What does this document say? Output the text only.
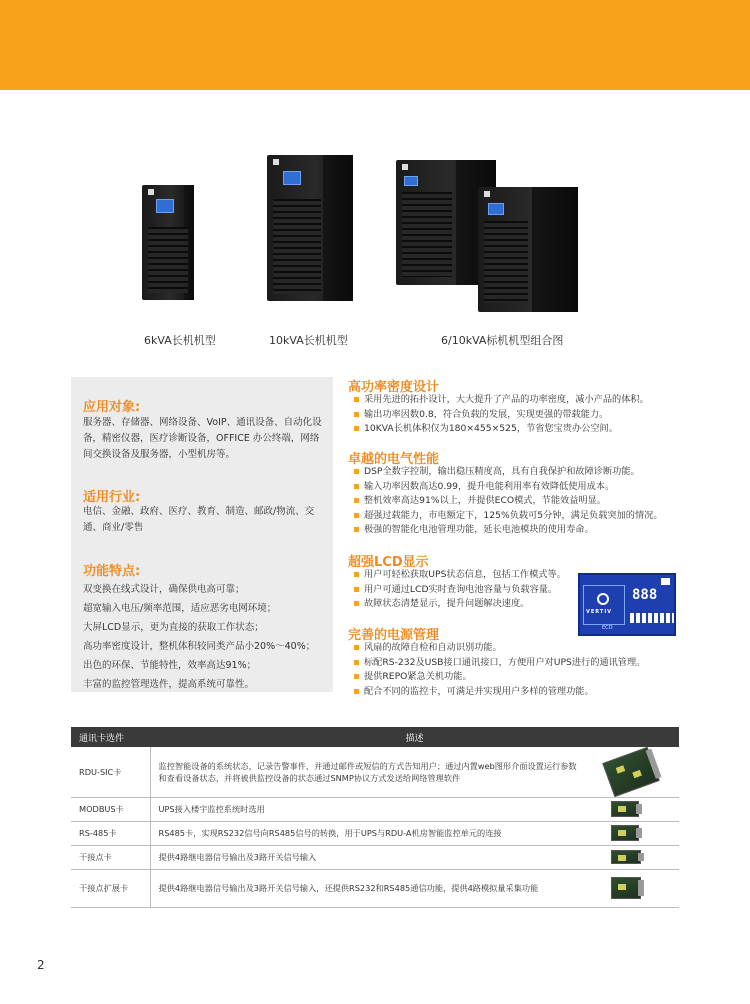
6kVA长机机型	10kVA长机机型	6/10kVA标机机型组合图
应用对象:
服务器、存储器、网络设备、VoIP、通讯设备、自动化设备，精密仪器，医疗诊断设备，OFFICE 办公终端，网络间交换设备及服务器，小型机房等。
适用行业:
电信、金融、政府、医疗、教育、制造、邮政/物流、交通、商业/零售
功能特点:
双变换在线式设计，确保供电高可靠；
超宽输入电压/频率范围，适应恶劣电网环境；
大屏LCD显示，更为直接的获取工作状态；
高功率密度设计，整机体积较同类产品小20%～40%；
出色的环保、节能特性，效率高达91%；
丰富的监控管理选件，提高系统可靠性。
高功率密度设计
采用先进的拓扑设计，大大提升了产品的功率密度，减小产品的体积。
输出功率因数0.8，符合负载的发展，实现更强的带载能力。
10KVA长机体积仅为180×455×525，节省您宝贵办公空间。
卓越的电气性能
DSP全数字控制，输出稳压精度高，具有自我保护和故障诊断功能。
输入功率因数高达0.99，提升电能利用率有效降低使用成本。
整机效率高达91%以上，并提供ECO模式，节能效益明显。
超强过载能力，市电额定下，125%负载可5分钟，满足负载突加的情况。
极强的智能化电池管理功能，延长电池模块的使用寿命。
超强LCD显示
用户可轻松获取UPS状态信息，包括工作模式等。
用户可通过LCD实时查询电池容量与负载容量。
故障状态清楚显示，提升问题解决速度。
完善的电源管理
风扇的故障自检和自动识别功能。
标配RS-232及USB接口通讯接口，方便用户对UPS进行的通讯管理。
提供REPO紧急关机功能。
配合不同的监控卡，可满足并实现用户多样的管理功能。
VERTIV
888
ECO
通讯卡选件	描述	
RDU-SIC卡	监控智能设备的系统状态，记录告警事件，并通过邮件或短信的方式告知用户；通过内置web图形介面设置运行参数和查看设备状态，并将被供监控设备的状态通过SNMP协议方式发送给网络管理软件	

MODBUS卡	UPS接入楼宇监控系统时选用	

RS-485卡	RS485卡，实现RS232信号向RS485信号的转换，用于UPS与RDU-A机房智能监控单元的连接	

干接点卡	提供4路继电器信号输出及3路开关信号输入	

干接点扩展卡	提供4路继电器信号输出及3路开关信号输入，还提供RS232和RS485通信功能，提供4路模拟量采集功能	
2
